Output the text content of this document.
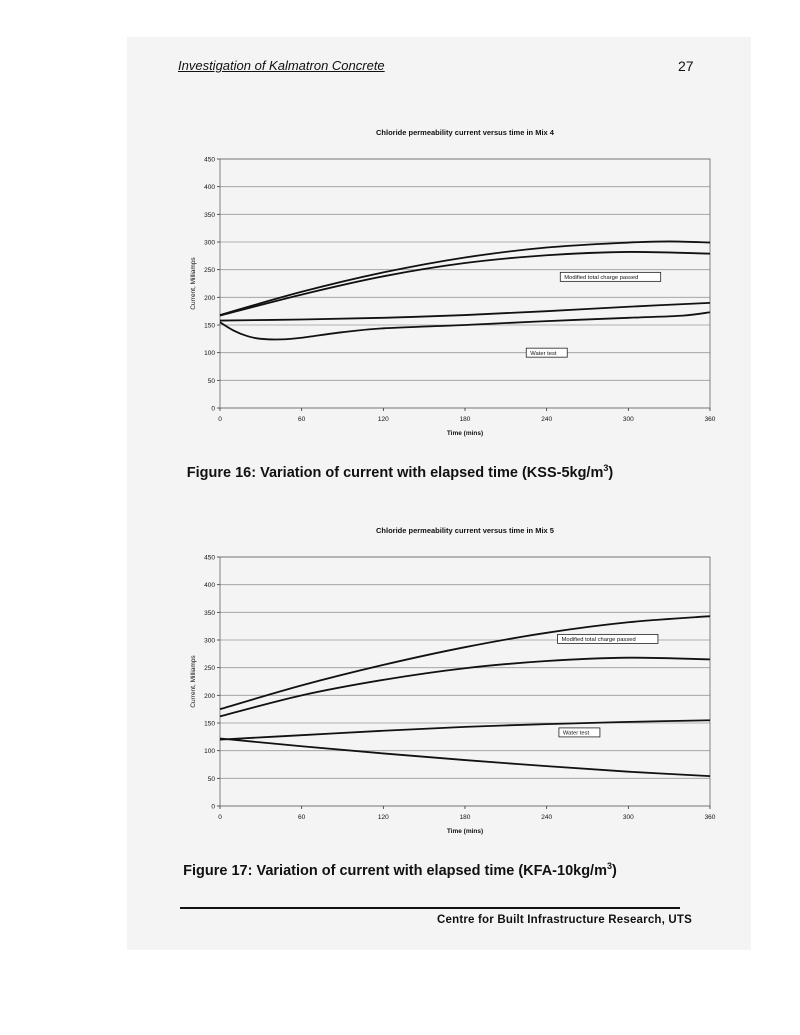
Investigation of Kalmatron Concrete	27
Chloride permeability current versus time in Mix 4
0
50
100
150
200
250
300
350
400
450
0	60	120	180	240	300	360
Time (mins)
Current, Milliamps	Modified total charge passed
Water test
Figure 16: Variation of current with elapsed time $(KSS-5kg/m^3)$
Chloride permeability current versus time in Mix 5
0
50
100
150
200
250
300
350
400
450
0	60	120	180	240	300	360
Time (mins)
Current, Milliamps
Modified total charge passed
Water test
Figure 17: Variation of current with elapsed time $(KFA-10kg/m^3)$
Centre for Built Infrastructure Research, UTS
